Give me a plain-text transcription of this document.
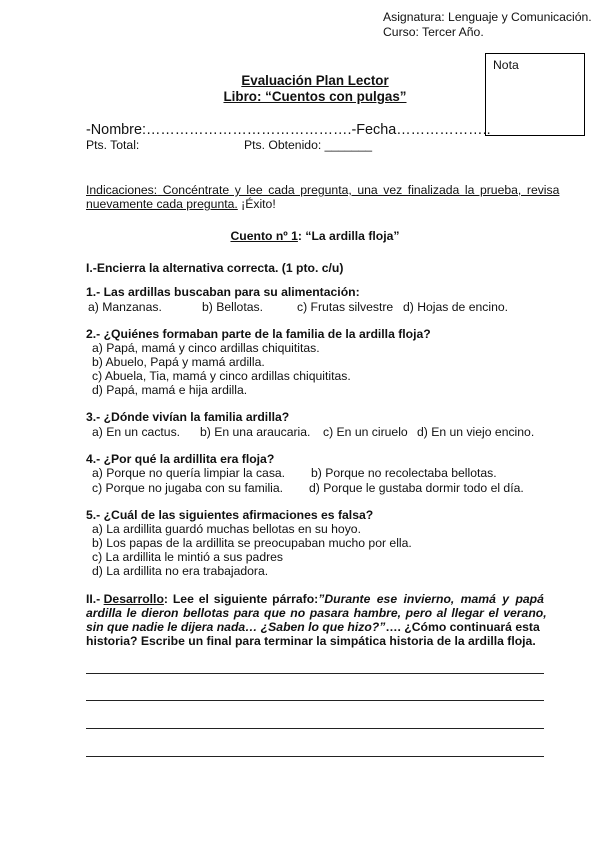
Asignatura: Lenguaje y Comunicación.
Curso: Tercer Año.
Nota
Evaluación Plan Lector
Libro: “Cuentos con pulgas”
-Nombre:…………………………………….-Fecha………………..
Pts. Total:	Pts. Obtenido: _______
Indicaciones: Concéntrate y lee cada pregunta, una vez finalizada la prueba, revisa
nuevamente cada pregunta. ¡Éxito!
Cuento nº 1: “La ardilla floja”
I.-Encierra la alternativa correcta. (1 pto. c/u)
1.- Las ardillas buscaban para su alimentación:
a) Manzanas.	b) Bellotas.	c) Frutas silvestre d) Hojas de encino.
2.- ¿Quiénes formaban parte de la familia de la ardilla floja?
a) Papá, mamá y cinco ardillas chiquititas.
b) Abuelo, Papá y mamá ardilla.
c) Abuela, Tia, mamá y cinco ardillas chiquititas.
d) Papá, mamá e hija ardilla.
3.- ¿Dónde vivían la familia ardilla?
a) En un cactus. b) En una araucaria. c) En un ciruelo d) En un viejo encino.
4.- ¿Por qué la ardillita era floja?
a) Porque no quería limpiar la casa. b) Porque no recolectaba bellotas.
c) Porque no jugaba con su familia. d) Porque le gustaba dormir todo el día.
5.- ¿Cuál de las siguientes afirmaciones es falsa?
a) La ardillita guardó muchas bellotas en su hoyo.
b) Los papas de la ardillita se preocupaban mucho por ella.
c) La ardillita le mintió a sus padres
d) La ardillita no era trabajadora.
II.- Desarrollo: Lee el siguiente párrafo:”Durante ese invierno, mamá y papá
ardilla le dieron bellotas para que no pasara hambre, pero al llegar el verano,
sin que nadie le dijera nada… ¿Saben lo que hizo?”…. ¿Cómo continuará esta
historia? Escribe un final para terminar la simpática historia de la ardilla floja.
